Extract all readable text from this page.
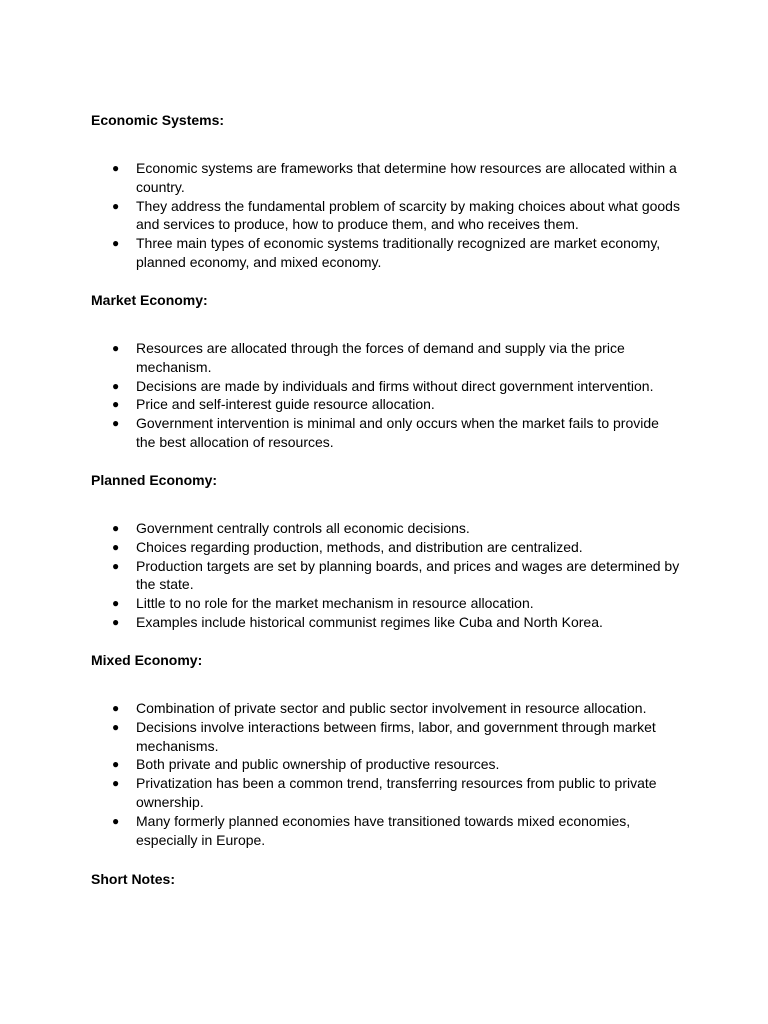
Economic Systems:
● Economic systems are frameworks that determine how resources are allocated within a country.
● They address the fundamental problem of scarcity by making choices about what goods and services to produce, how to produce them, and who receives them.
● Three main types of economic systems traditionally recognized are market economy, planned economy, and mixed economy.
Market Economy:
● Resources are allocated through the forces of demand and supply via the price mechanism.
● Decisions are made by individuals and firms without direct government intervention.
● Price and self-interest guide resource allocation.
● Government intervention is minimal and only occurs when the market fails to provide the best allocation of resources.
Planned Economy:
● Government centrally controls all economic decisions.
● Choices regarding production, methods, and distribution are centralized.
● Production targets are set by planning boards, and prices and wages are determined by the state.
● Little to no role for the market mechanism in resource allocation.
● Examples include historical communist regimes like Cuba and North Korea.
Mixed Economy:
● Combination of private sector and public sector involvement in resource allocation.
● Decisions involve interactions between firms, labor, and government through market mechanisms.
● Both private and public ownership of productive resources.
● Privatization has been a common trend, transferring resources from public to private ownership.
● Many formerly planned economies have transitioned towards mixed economies, especially in Europe.
Short Notes:
